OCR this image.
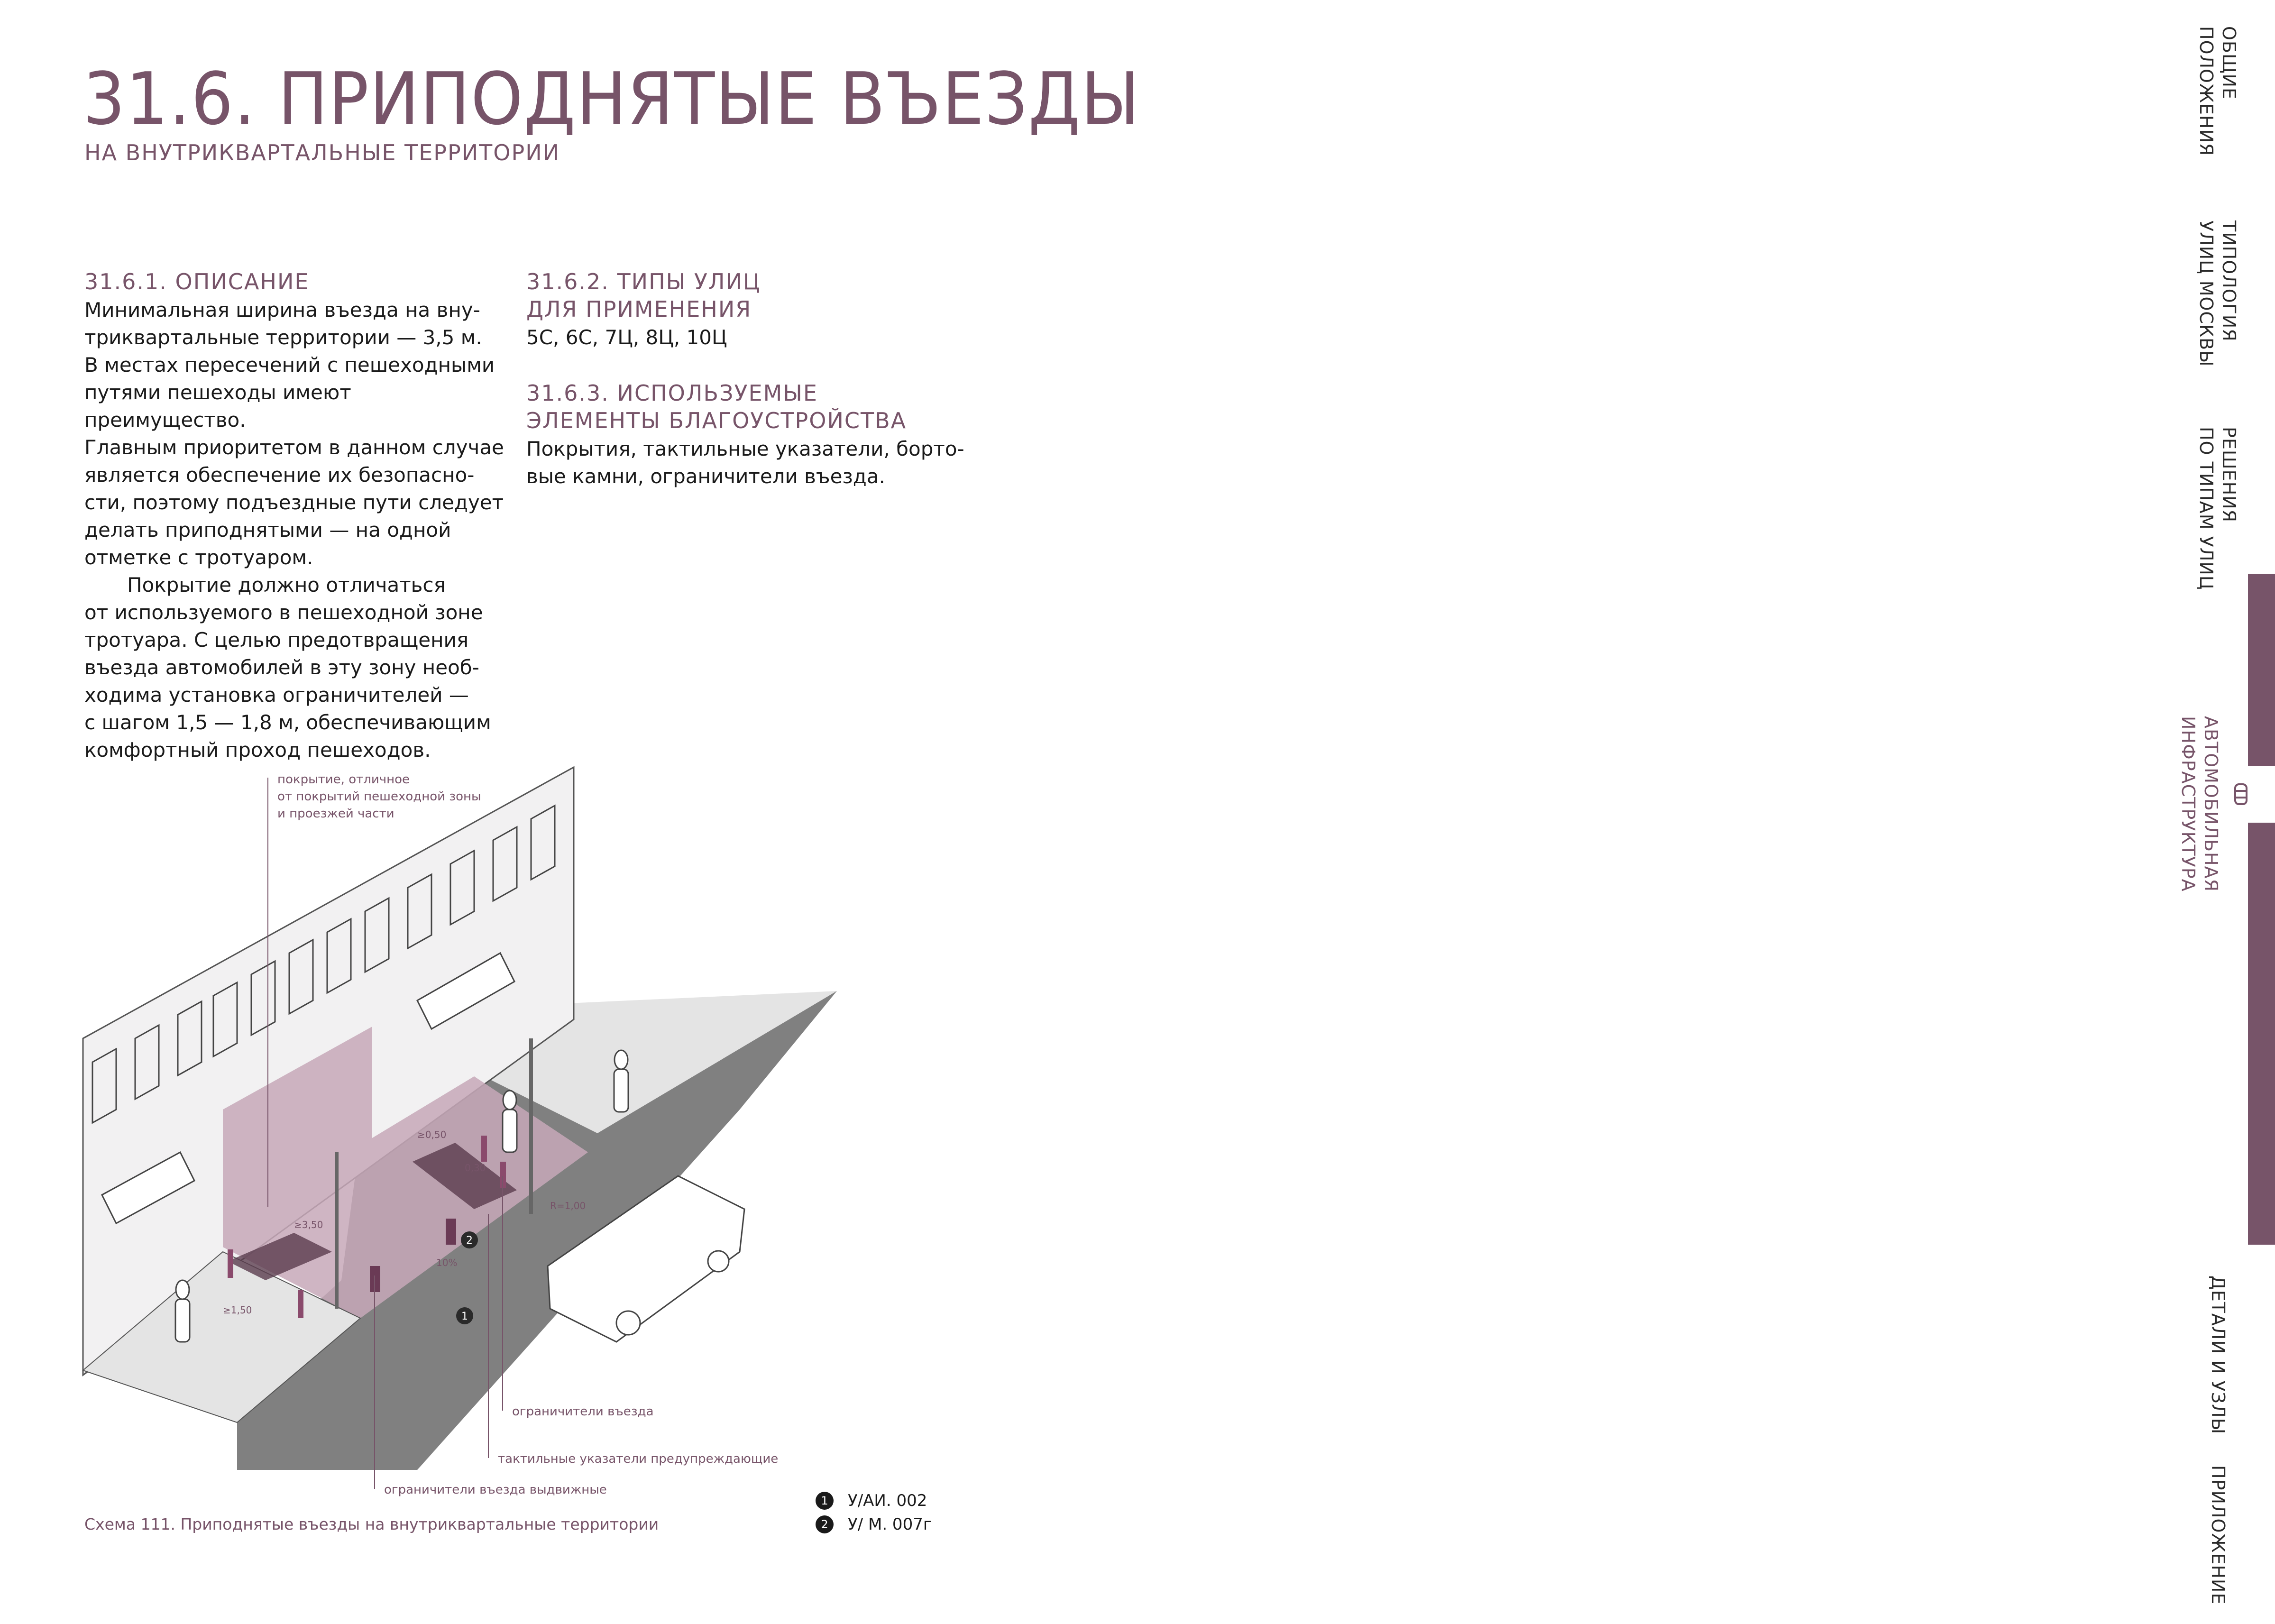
31.6. ПРИПОДНЯТЫЕ ВЪЕЗДЫ
НА ВНУТРИКВАРТАЛЬНЫЕ ТЕРРИТОРИИ
31.6.1. ОПИСАНИЕ

Минимальная ширина въезда на вну-
триквартальные территории — 3,5 м.
В местах пересечений с пешеходными
путями пешеходы имеют преимущество.
Главным приоритетом в данном случае
является обеспечение их безопасно-
сти, поэтому подъездные пути следует
делать приподнятыми — на одной
отметке с тротуаром.

Покрытие должно отличаться
от используемого в пешеходной зоне
тротуара. С целью предотвращения
въезда автомобилей в эту зону необ-
ходима установка ограничителей —
с шагом 1,5 — 1,8 м, обеспечивающим
комфортный проход пешеходов.

31.6.2. ТИПЫ УЛИЦ
ДЛЯ ПРИМЕНЕНИЯ
5С, 6С, 7Ц, 8Ц, 10Ц
31.6.3. ИСПОЛЬЗУЕМЫЕ
ЭЛЕМЕНТЫ БЛАГОУСТРОЙСТВА
Покрытия, тактильные указатели, борто-
вые камни, ограничители въезда.
ОБЩИЕ
ПОЛОЖЕНИЯ
ТИПОЛОГИЯ
УЛИЦ МОСКВЫ
РЕШЕНИЯ
ПО ТИПАМ УЛИЦ
АВТОМОБИЛЬНАЯ
ИНФРАСТРУКТУРА
ДЕТАЛИ И УЗЛЫ
ПРИЛОЖЕНИЕ
2
1
≥0,50
0,30
R=1,00
≥3,50
10%
≥1,50
покрытие, отличное
от покрытий пешеходной зоны
и проезжей части
ограничители въезда
тактильные указатели предупреждающие
ограничители въезда выдвижные
Схема 111. Приподнятые въезды на внутриквартальные территории
1	У/АИ. 002
2	У/ М. 007г
